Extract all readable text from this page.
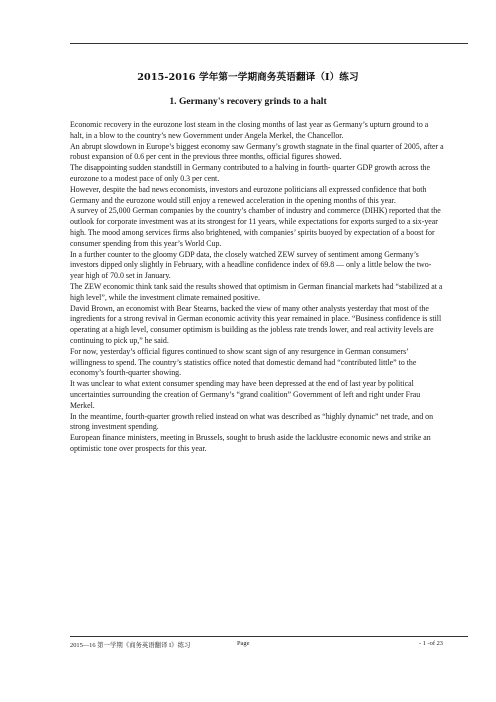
2015-2016 学年第一学期商务英语翻译（I）练习
1. Germany's recovery grinds to a halt

Economic recovery in the eurozone lost steam in the closing months of last year as Germany’s upturn ground to a halt, in a blow to the country’s new Government under Angela Merkel, the Chancellor.

An abrupt slowdown in Europe’s biggest economy saw Germany’s growth stagnate in the final quarter of 2005, after a robust expansion of 0.6 per cent in the previous three months, official figures showed.

The disappointing sudden standstill in Germany contributed to a halving in fourth- quarter GDP growth across the eurozone to a modest pace of only 0.3 per cent.

However, despite the bad news economists, investors and eurozone politicians all expressed confidence that both Germany and the eurozone would still enjoy a renewed acceleration in the opening months of this year.

A survey of 25,000 German companies by the country’s chamber of industry and commerce (DIHK) reported that the outlook for corporate investment was at its strongest for 11 years, while expectations for exports surged to a six-year high. The mood among services firms also brightened, with companies’ spirits buoyed by expectation of a boost for consumer spending from this year’s World Cup.

In a further counter to the gloomy GDP data, the closely watched ZEW survey of sentiment among Germany’s investors dipped only slightly in February, with a headline confidence index of 69.8 — only a little below the two-year high of 70.0 set in January.

The ZEW economic think tank said the results showed that optimism in German financial markets had “stabilized at a high level”, while the investment climate remained positive.

David Brown, an economist with Bear Stearns, backed the view of many other analysts yesterday that most of the ingredients for a strong revival in German economic activity this year remained in place. “Business confidence is still operating at a high level, consumer optimism is building as the jobless rate trends lower, and real activity levels are continuing to pick up,” he said.

For now, yesterday’s official figures continued to show scant sign of any resurgence in German consumers’ willingness to spend. The country’s statistics office noted that domestic demand had “contributed little” to the economy’s fourth-quarter showing.

It was unclear to what extent consumer spending may have been depressed at the end of last year by political uncertainties surrounding the creation of Germany’s “grand coalition” Government of left and right under Frau Merkel.

In the meantime, fourth-quarter growth relied instead on what was described as “highly dynamic” net trade, and on strong investment spending.

European finance ministers, meeting in Brussels, sought to brush aside the lacklustre economic news and strike an optimistic tone over prospects for this year.

2015—16 第一学期《商务英语翻译 I》练习	Page	- 1 -of 23
